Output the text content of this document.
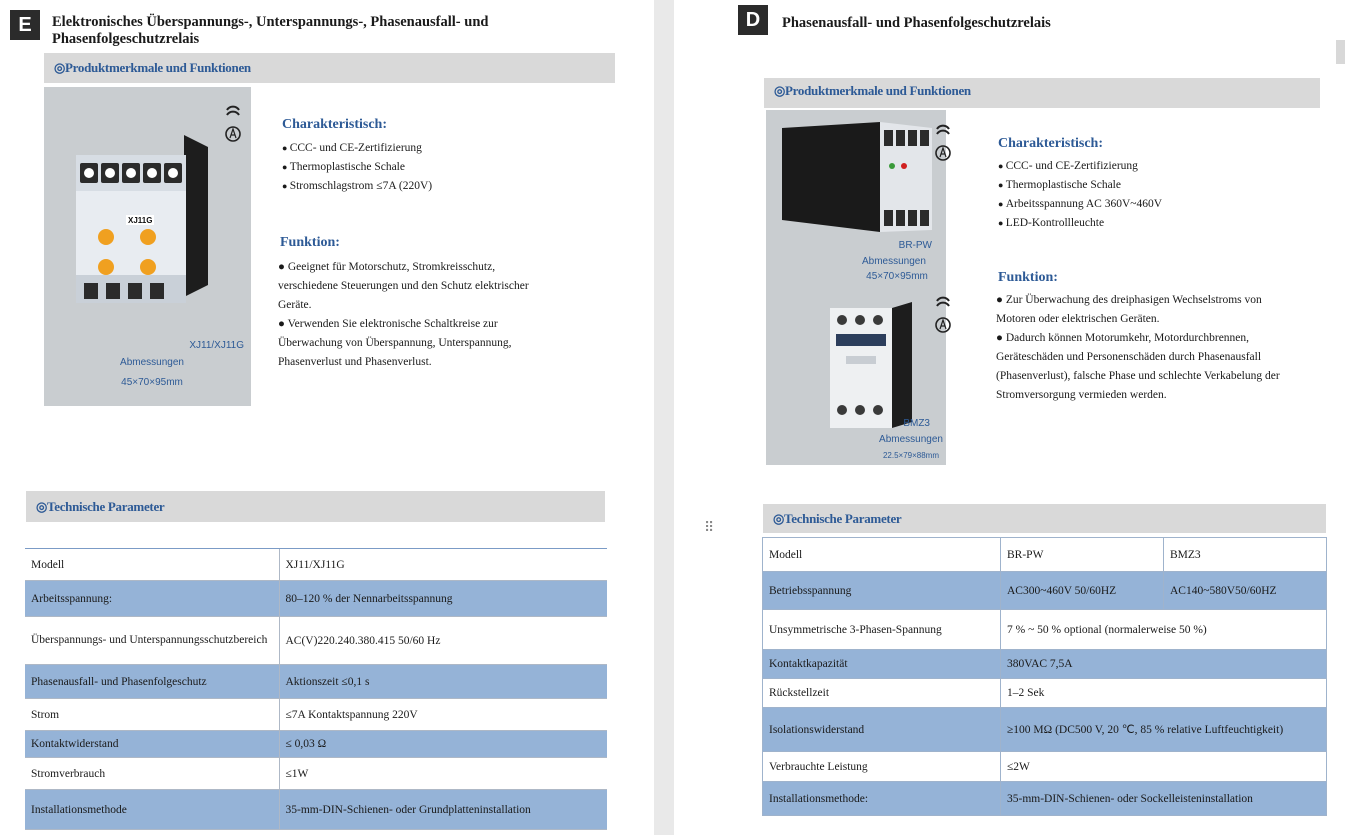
E	Elektronisches Überspannungs-, Unterspannungs-, Phasenausfall- und Phasenfolgeschutzrelais
◎Produktmerkmale und Funktionen
XJ11G
XJ11/XJ11G
Abmessungen
45×70×95mm
Charakteristisch:
● CCC- und CE-Zertifizierung
● Thermoplastische Schale
● Stromschlagstrom ≤7A (220V)
Funktion:

● Geeignet für Motorschutz, Stromkreisschutz, verschiedene Steuerungen und den Schutz elektrischer Geräte.

● Verwenden Sie elektronische Schaltkreise zur Überwachung von Überspannung, Unterspannung, Phasenverlust und Phasenverlust.

◎Technische Parameter
Modell	XJ11/XJ11G
Arbeitsspannung:	80–120 % der Nennarbeitsspannung
Überspannungs- und Unterspannungsschutzbereich	AC(V)220.240.380.415 50/60 Hz
Phasenausfall- und Phasenfolgeschutz	Aktionszeit ≤0,1 s
Strom	≤7A Kontaktspannung 220V
Kontaktwiderstand	≤ 0,03 Ω
Stromverbrauch	≤1W
Installationsmethode	35-mm-DIN-Schienen- oder Grundplatteninstallation
D	Phasenausfall- und Phasenfolgeschutzrelais
◎Produktmerkmale und Funktionen
BR-PW
Abmessungen
45×70×95mm
BMZ3
Abmessungen
22.5×79×88mm
Charakteristisch:
● CCC- und CE-Zertifizierung
● Thermoplastische Schale
● Arbeitsspannung AC 360V~460V
● LED-Kontrollleuchte
Funktion:

● Zur Überwachung des dreiphasigen Wechselstroms von Motoren oder elektrischen Geräten.

● Dadurch können Motorumkehr, Motordurchbrennen, Geräteschäden und Personenschäden durch Phasenausfall (Phasenverlust), falsche Phase und schlechte Verkabelung der Stromversorgung vermieden werden.

⠿
◎Technische Parameter
Modell	BR-PW	BMZ3
Betriebsspannung	AC300~460V 50/60HZ	AC140~580V50/60HZ
Unsymmetrische 3-Phasen-Spannung	7 % ~ 50 % optional (normalerweise 50 %)	
Kontaktkapazität	380VAC 7,5A	
Rückstellzeit	1–2 Sek	
Isolationswiderstand	≥100 MΩ (DC500 V, 20 ℃, 85 % relative Luftfeuchtigkeit)	
Verbrauchte Leistung	≤2W	
Installationsmethode:	35-mm-DIN-Schienen- oder Sockelleisteninstallation	
